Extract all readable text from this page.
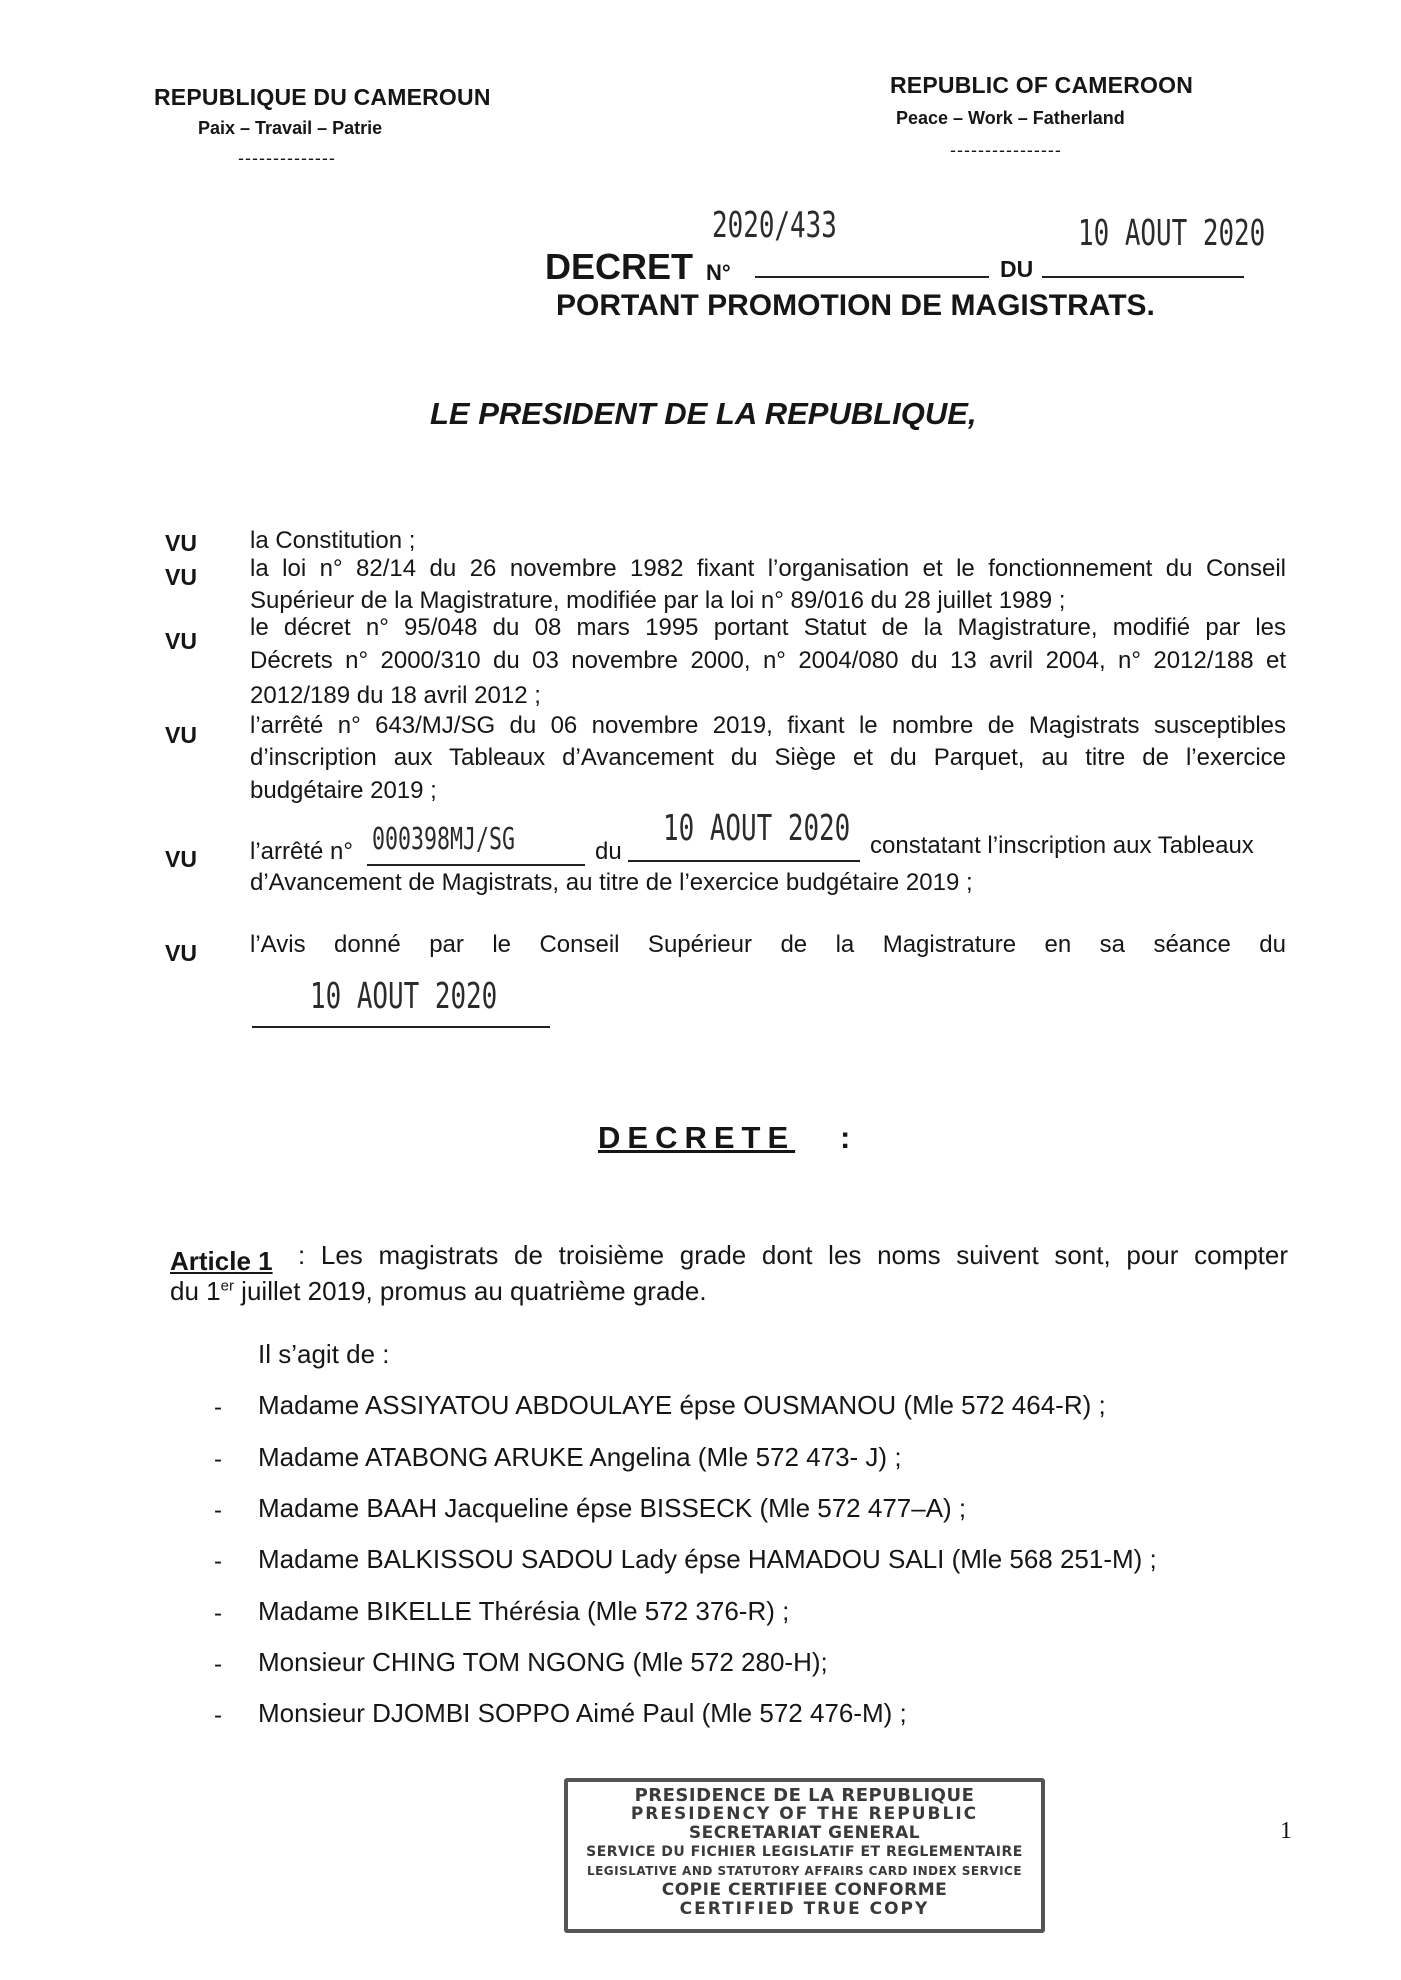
REPUBLIQUE DU CAMEROUN
Paix – Travail – Patrie
--------------
REPUBLIC OF CAMEROON
Peace – Work – Fatherland
----------------
2020/433	10 AOUT 2020
DECRET N°	DU
PORTANT PROMOTION DE MAGISTRATS.
LE PRESIDENT DE LA REPUBLIQUE,
VU la Constitution ;
VU la loi n° 82/14 du 26 novembre 1982 fixant l’organisation et le fonctionnement du Conseil
Supérieur de la Magistrature, modifiée par la loi n° 89/016 du 28 juillet 1989 ;
VU le décret n° 95/048 du 08 mars 1995 portant Statut de la Magistrature, modifié par les
Décrets n° 2000/310 du 03 novembre 2000, n° 2004/080 du 13 avril 2004, n° 2012/188 et
2012/189 du 18 avril 2012 ;
VU l’arrêté n° 643/MJ/SG du 06 novembre 2019, fixant le nombre de Magistrats susceptibles
d’inscription aux Tableaux d’Avancement du Siège et du Parquet, au titre de l’exercice
budgétaire 2019 ;
VU l’arrêté n° 000398MJ/SG	du
10 AOUT 2020 constatant l’inscription aux Tableaux
d’Avancement de Magistrats, au titre de l’exercice budgétaire 2019 ;
VU l’Avis donné par le Conseil Supérieur de la Magistrature en sa séance du
10 AOUT 2020
DECRETE :
Article 1 : Les magistrats de troisième grade dont les noms suivent sont, pour compter
du 1er juillet 2019, promus au quatrième grade.
Il s’agit de :
- Madame ASSIYATOU ABDOULAYE épse OUSMANOU (Mle 572 464-R) ;
- Madame ATABONG ARUKE Angelina (Mle 572 473- J) ;
- Madame BAAH Jacqueline épse BISSECK (Mle 572 477–A) ;
- Madame BALKISSOU SADOU Lady épse HAMADOU SALI (Mle 568 251-M) ;
- Madame BIKELLE Thérésia (Mle 572 376-R) ;
- Monsieur CHING TOM NGONG (Mle 572 280-H);
- Monsieur DJOMBI SOPPO Aimé Paul (Mle 572 476-M) ;
PRESIDENCE DE LA REPUBLIQUE
PRESIDENCY OF THE REPUBLIC
SECRETARIAT GENERAL
SERVICE DU FICHIER LEGISLATIF ET REGLEMENTAIRE
LEGISLATIVE AND STATUTORY AFFAIRS CARD INDEX SERVICE
COPIE CERTIFIEE CONFORME
CERTIFIED TRUE COPY
1
